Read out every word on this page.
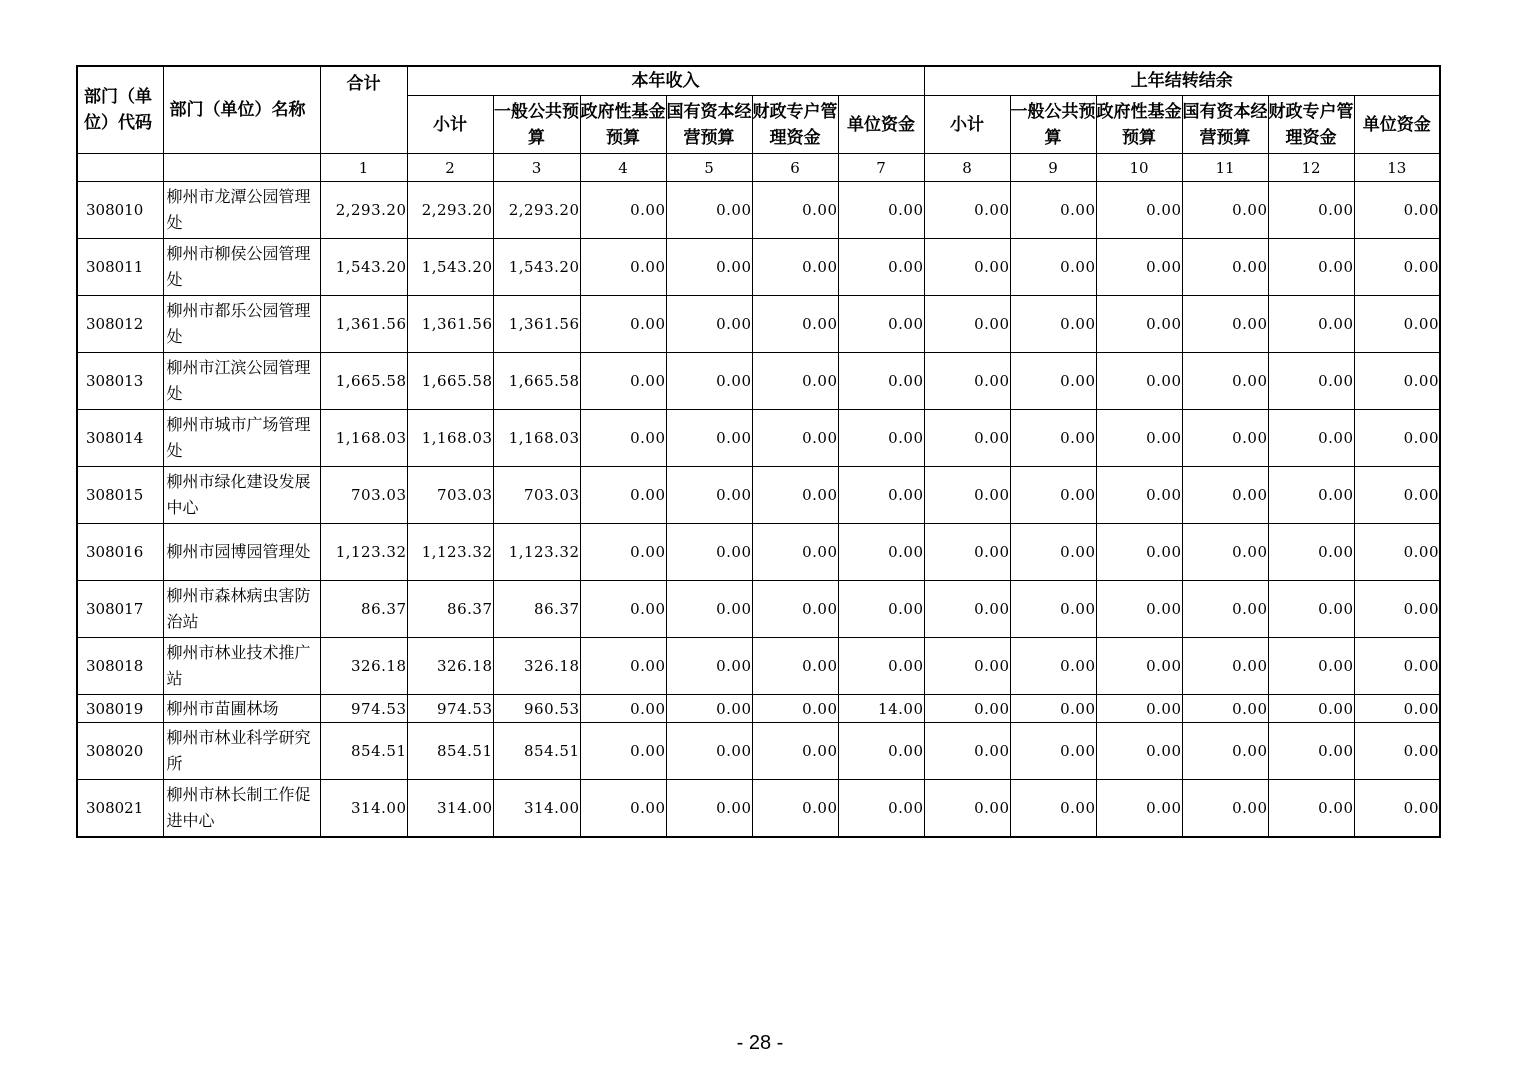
部门（单位）代码	部门（单位）名称	合计	本年收入						上年结转结余					
			小计	一般公共预算	政府性基金预算	国有资本经营预算	财政专户管理资金	单位资金	小计	一般公共预算	政府性基金预算	国有资本经营预算	财政专户管理资金	单位资金
		1	2	3	4	5	6	7	8	9	10	11	12	13
308010	柳州市龙潭公园管理处	2,293.20	2,293.20	2,293.20	0.00	0.00	0.00	0.00	0.00	0.00	0.00	0.00	0.00	0.00
308011	柳州市柳侯公园管理处	1,543.20	1,543.20	1,543.20	0.00	0.00	0.00	0.00	0.00	0.00	0.00	0.00	0.00	0.00
308012	柳州市都乐公园管理处	1,361.56	1,361.56	1,361.56	0.00	0.00	0.00	0.00	0.00	0.00	0.00	0.00	0.00	0.00
308013	柳州市江滨公园管理处	1,665.58	1,665.58	1,665.58	0.00	0.00	0.00	0.00	0.00	0.00	0.00	0.00	0.00	0.00
308014	柳州市城市广场管理处	1,168.03	1,168.03	1,168.03	0.00	0.00	0.00	0.00	0.00	0.00	0.00	0.00	0.00	0.00
308015	柳州市绿化建设发展中心	703.03	703.03	703.03	0.00	0.00	0.00	0.00	0.00	0.00	0.00	0.00	0.00	0.00
308016	柳州市园博园管理处	1,123.32	1,123.32	1,123.32	0.00	0.00	0.00	0.00	0.00	0.00	0.00	0.00	0.00	0.00
308017	柳州市森林病虫害防治站	86.37	86.37	86.37	0.00	0.00	0.00	0.00	0.00	0.00	0.00	0.00	0.00	0.00
308018	柳州市林业技术推广站	326.18	326.18	326.18	0.00	0.00	0.00	0.00	0.00	0.00	0.00	0.00	0.00	0.00
308019	柳州市苗圃林场	974.53	974.53	960.53	0.00	0.00	0.00	14.00	0.00	0.00	0.00	0.00	0.00	0.00
308020	柳州市林业科学研究所	854.51	854.51	854.51	0.00	0.00	0.00	0.00	0.00	0.00	0.00	0.00	0.00	0.00
308021	柳州市林长制工作促进中心	314.00	314.00	314.00	0.00	0.00	0.00	0.00	0.00	0.00	0.00	0.00	0.00	0.00
- 28 -
